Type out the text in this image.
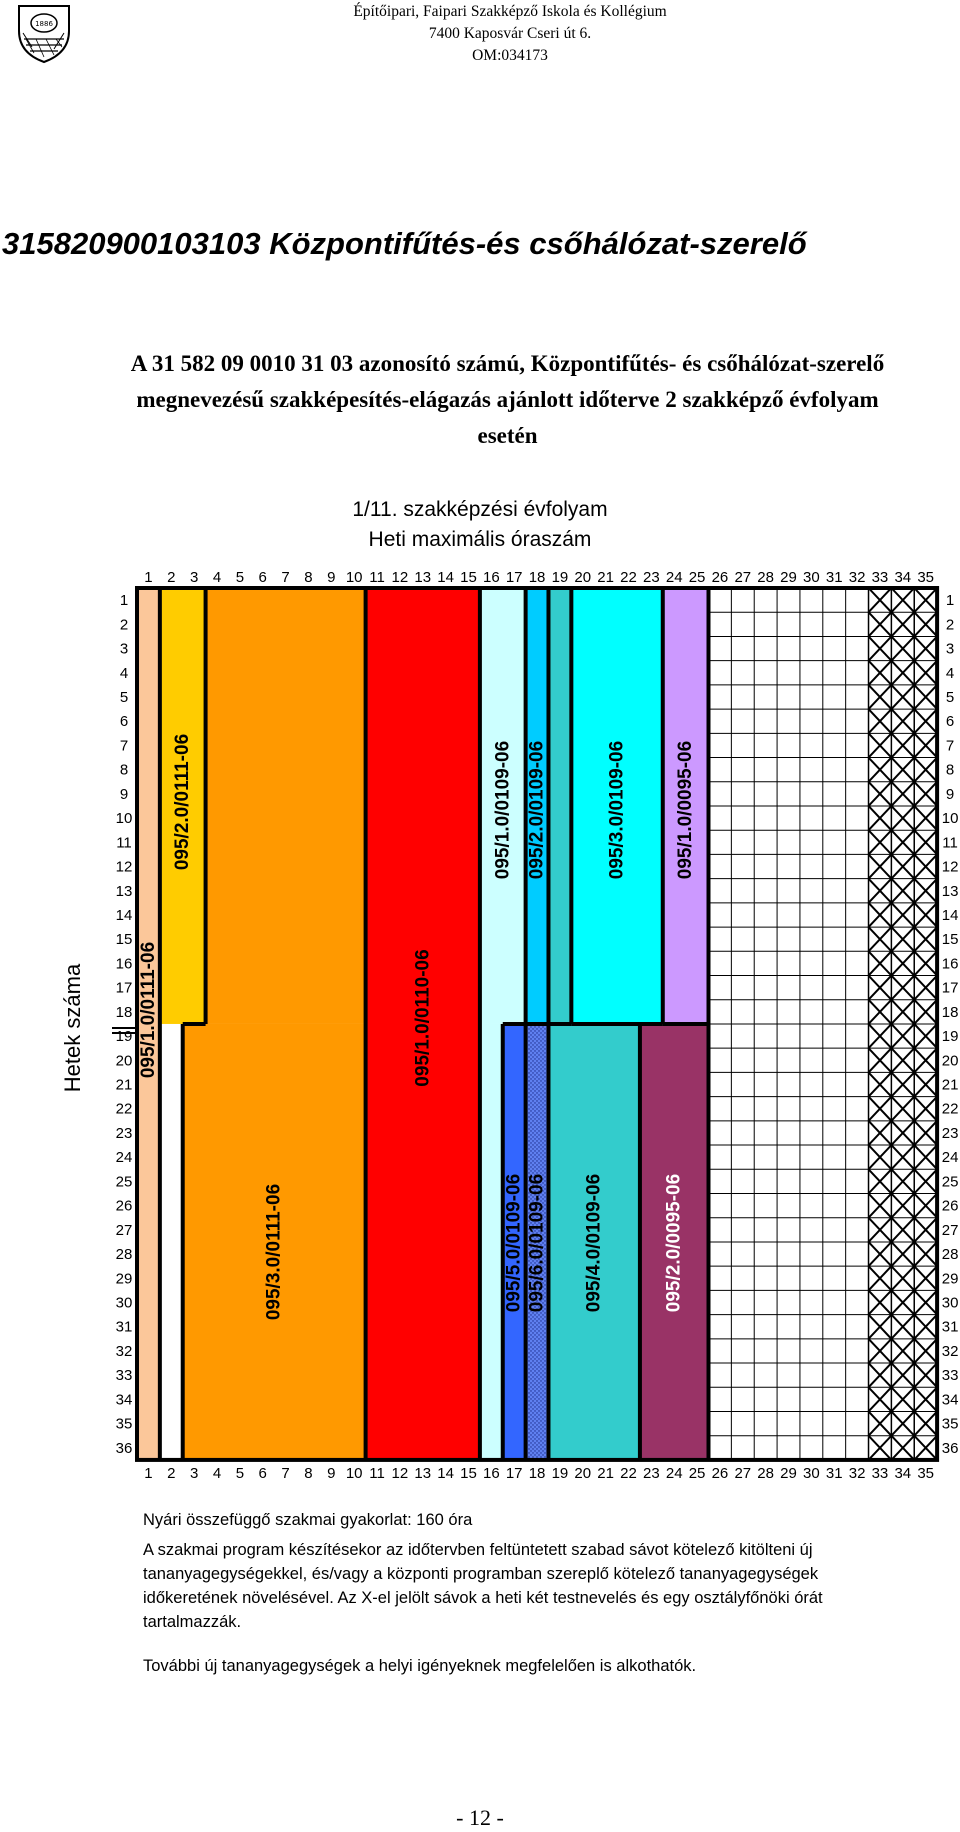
1886
Építőipari, Faipari Szakképző Iskola és Kollégium
7400 Kaposvár Cseri út 6.
OM:034173
315820900103103 Központifűtés-és csőhálózat-szerelő
A 31 582 09 0010 31 03 azonosító számú, Központifűtés- és csőhálózat-szerelő
megnevezésű szakképesítés-elágazás ajánlott időterve 2 szakképző évfolyam
esetén
1/11. szakképzési évfolyam
Heti maximális óraszám
095/1.0/0111-06
095/2.0/0111-06
095/3.0/0111-06
095/1.0/0110-06
095/1.0/0109-06 095/2.0/0109-06
095/5.0/0109-06 095/6.0/0109-06
095/3.0/0109-06
095/4.0/0109-06
095/1.0/0095-06
095/2.0/0095-06
1
1
2
2
3
3
4
4
5
5
6
6
7
7
8
8
9
9
10
10
11
11
12
12
13
13
14
14
15
15
16
16
17
17
18
18
19
19
20
20
21
21
22
22
23
23
24
24
25
25
26
26
27
27
28
28
29
29
30
30
31
31
32
32
33
33
34
34
35
35
1	1
2	2
3	3
4	4
5	5
6	6
7	7
8	8
9	9
10	10
11	11
12	12
13	13
14	14
15	15
16	16
17	17
18	18
19	19
20	20
21	21
22	22
23	23
24	24
25	25
26	26
27	27
28	28
29	29
30	30
31	31
32	32
33	33
34	34
35	35
36	36
Hetek száma
Nyári összefüggő szakmai gyakorlat: 160 óra
A szakmai program készítésekor az időtervben feltüntetett szabad sávot kötelező kitölteni új
tananyagegységekkel, és/vagy a központi programban szereplő kötelező tananyagegységek
időkeretének növelésével. Az X-el jelölt sávok a heti két testnevelés és egy osztályfőnöki órát
tartalmazzák.
További új tananyagegységek a helyi igényeknek megfelelően is alkothatók.
- 12 -
